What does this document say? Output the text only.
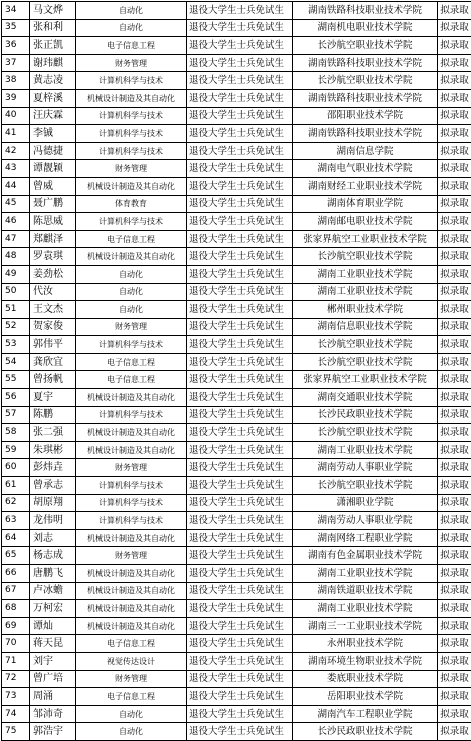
34	马文烨	自动化	退役大学生士兵免试生	湖南铁路科技职业技术学院	拟录取
35	张和利	自动化	退役大学生士兵免试生	湖南机电职业技术学院	拟录取
36	张正凯	电子信息工程	退役大学生士兵免试生	长沙航空职业技术学院	拟录取
37	谢玮麒	财务管理	退役大学生士兵免试生	湖南铁路科技职业技术学院	拟录取
38	黄志凌	计算机科学与技术	退役大学生士兵免试生	长沙航空职业技术学院	拟录取
39	夏梓溪	机械设计制造及其自动化	退役大学生士兵免试生	湖南铁路科技职业技术学院	拟录取
40	汪庆霖	计算机科学与技术	退役大学生士兵免试生	邵阳职业技术学院	拟录取
41	李铖	计算机科学与技术	退役大学生士兵免试生	湖南铁路科技职业技术学院	拟录取
42	冯德捷	计算机科学与技术	退役大学生士兵免试生	湖南信息学院	拟录取
43	谭靓颖	财务管理	退役大学生士兵免试生	湖南电气职业技术学院	拟录取
44	曾威	机械设计制造及其自动化	退役大学生士兵免试生	湖南财经工业职业技术学院	拟录取
45	聂广鹏	体育教育	退役大学生士兵免试生	湖南体育职业学院	拟录取
46	陈思威	计算机科学与技术	退役大学生士兵免试生	湖南邮电职业技术学院	拟录取
47	郑麒泽	电子信息工程	退役大学生士兵免试生	张家界航空工业职业技术学院	拟录取
48	罗袁琪	机械设计制造及其自动化	退役大学生士兵免试生	长沙航空职业技术学院	拟录取
49	姜劲松	自动化	退役大学生士兵免试生	湖南工业职业技术学院	拟录取
50	代汝	自动化	退役大学生士兵免试生	湖南工业职业技术学院	拟录取
51	王文杰	自动化	退役大学生士兵免试生	郴州职业技术学院	拟录取
52	贺家俊	财务管理	退役大学生士兵免试生	湖南信息职业技术学院	拟录取
53	郭伟平	计算机科学与技术	退役大学生士兵免试生	长沙航空职业技术学院	拟录取
54	龚欣宜	电子信息工程	退役大学生士兵免试生	长沙航空职业技术学院	拟录取
55	曾扬帆	电子信息工程	退役大学生士兵免试生	张家界航空工业职业技术学院	拟录取
56	夏宇	机械设计制造及其自动化	退役大学生士兵免试生	湖南交通职业技术学院	拟录取
57	陈鹏	计算机科学与技术	退役大学生士兵免试生	长沙民政职业技术学院	拟录取
58	张二强	机械设计制造及其自动化	退役大学生士兵免试生	长沙航空职业技术学院	拟录取
59	朱琪彬	机械设计制造及其自动化	退役大学生士兵免试生	湖南工业职业技术学院	拟录取
60	彭炜垚	财务管理	退役大学生士兵免试生	湖南劳动人事职业学院	拟录取
61	曾承志	计算机科学与技术	退役大学生士兵免试生	长沙航空职业技术学院	拟录取
62	胡原翔	计算机科学与技术	退役大学生士兵免试生	潇湘职业学院	拟录取
63	龙伟明	计算机科学与技术	退役大学生士兵免试生	湖南劳动人事职业学院	拟录取
64	刘志	机械设计制造及其自动化	退役大学生士兵免试生	湖南网络工程职业学院	拟录取
65	杨志成	财务管理	退役大学生士兵免试生	湖南有色金属职业技术学院	拟录取
66	唐鹏飞	机械设计制造及其自动化	退役大学生士兵免试生	湖南工业职业技术学院	拟录取
67	卢冰蟾	机械设计制造及其自动化	退役大学生士兵免试生	湖南铁道职业技术学院	拟录取
68	万柯宏	机械设计制造及其自动化	退役大学生士兵免试生	湖南工业职业技术学院	拟录取
69	谭灿	机械设计制造及其自动化	退役大学生士兵免试生	湖南三一工业职业技术学院	拟录取
70	蒋天昆	电子信息工程	退役大学生士兵免试生	永州职业技术学院	拟录取
71	刘宇	视觉传达设计	退役大学生士兵免试生	湖南环境生物职业技术学院	拟录取
72	曾广培	财务管理	退役大学生士兵免试生	娄底职业技术学院	拟录取
73	周涌	电子信息工程	退役大学生士兵免试生	岳阳职业技术学院	拟录取
74	邹沛奇	自动化	退役大学生士兵免试生	湖南汽车工程职业学院	拟录取
75	郭浩宇	自动化	退役大学生士兵免试生	长沙民政职业技术学院	拟录取
